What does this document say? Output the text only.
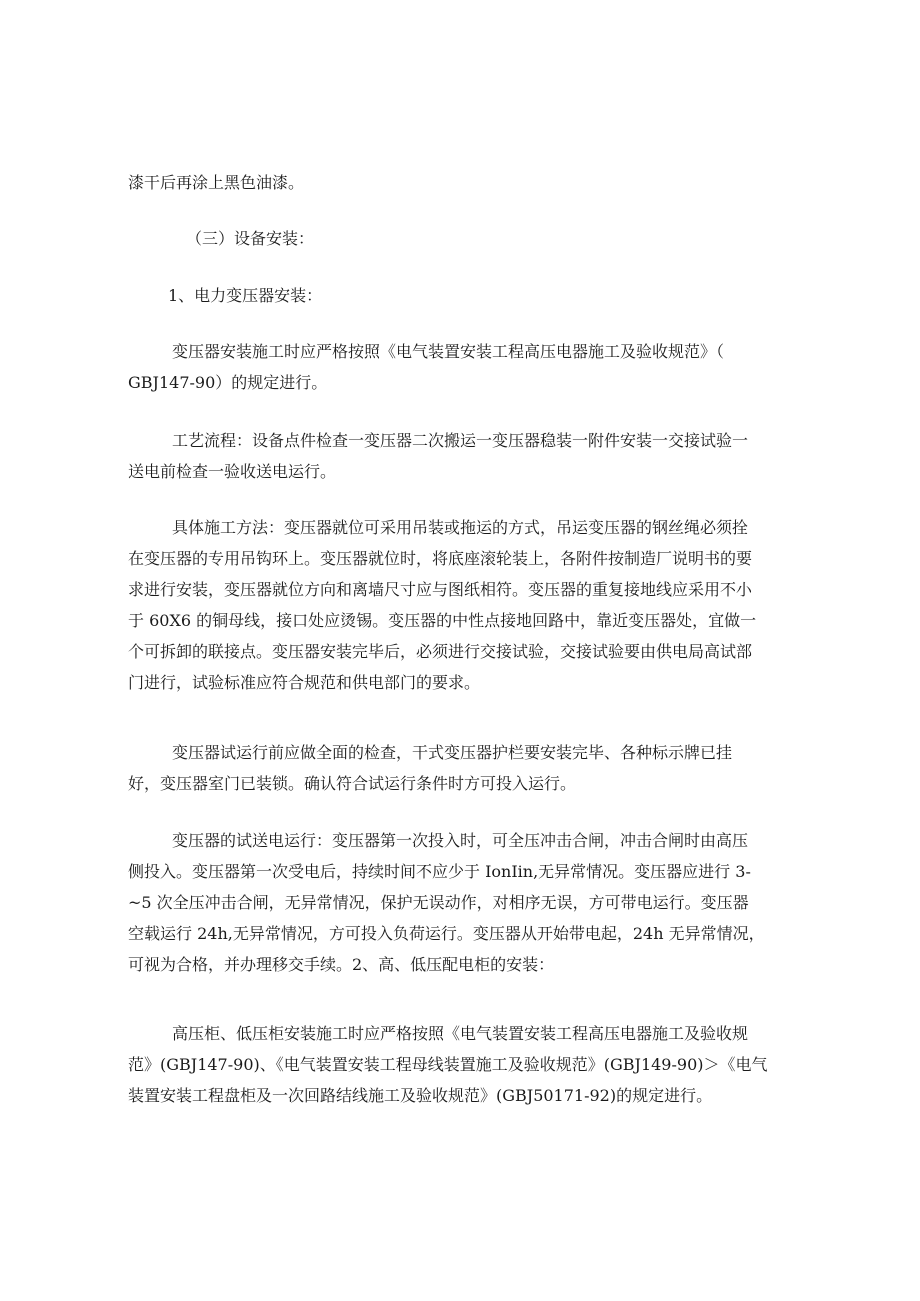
漆干后再涂上黑色油漆。

（三）设备安装：

1、电力变压器安装：

变压器安装施工时应严格按照《电气装置安装工程高压电器施工及验收规范》（
GBJ147-90）的规定进行。

工艺流程：设备点件检查一变压器二次搬运一变压器稳装一附件安装一交接试验一
送电前检查一验收送电运行。

具体施工方法：变压器就位可采用吊装或拖运的方式，吊运变压器的钢丝绳必须拴
在变压器的专用吊钩环上。变压器就位时，将底座滚轮装上，各附件按制造厂说明书的要
求进行安装，变压器就位方向和离墙尺寸应与图纸相符。变压器的重复接地线应采用不小
于 60X6 的铜母线，接口处应烫锡。变压器的中性点接地回路中，靠近变压器处，宜做一
个可拆卸的联接点。变压器安装完毕后，必须进行交接试验，交接试验要由供电局高试部
门进行，试验标准应符合规范和供电部门的要求。

变压器试运行前应做全面的检查，干式变压器护栏要安装完毕、各种标示牌已挂
好，变压器室门已装锁。确认符合试运行条件时方可投入运行。

变压器的试送电运行：变压器第一次投入时，可全压冲击合闸，冲击合闸时由高压
侧投入。变压器第一次受电后，持续时间不应少于 IonIin,无异常情况。变压器应进行 3-
~5 次全压冲击合闸，无异常情况，保护无误动作，对相序无误，方可带电运行。变压器
空载运行 24h,无异常情况，方可投入负荷运行。变压器从开始带电起，24h 无异常情况，
可视为合格，并办理移交手续。2、高、低压配电柜的安装：

高压柜、低压柜安装施工时应严格按照《电气装置安装工程高压电器施工及验收规
范》(GBJ147-90)、《电气装置安装工程母线装置施工及验收规范》(GBJ149-90)＞《电气
装置安装工程盘柜及一次回路结线施工及验收规范》(GBJ50171-92)的规定进行。
